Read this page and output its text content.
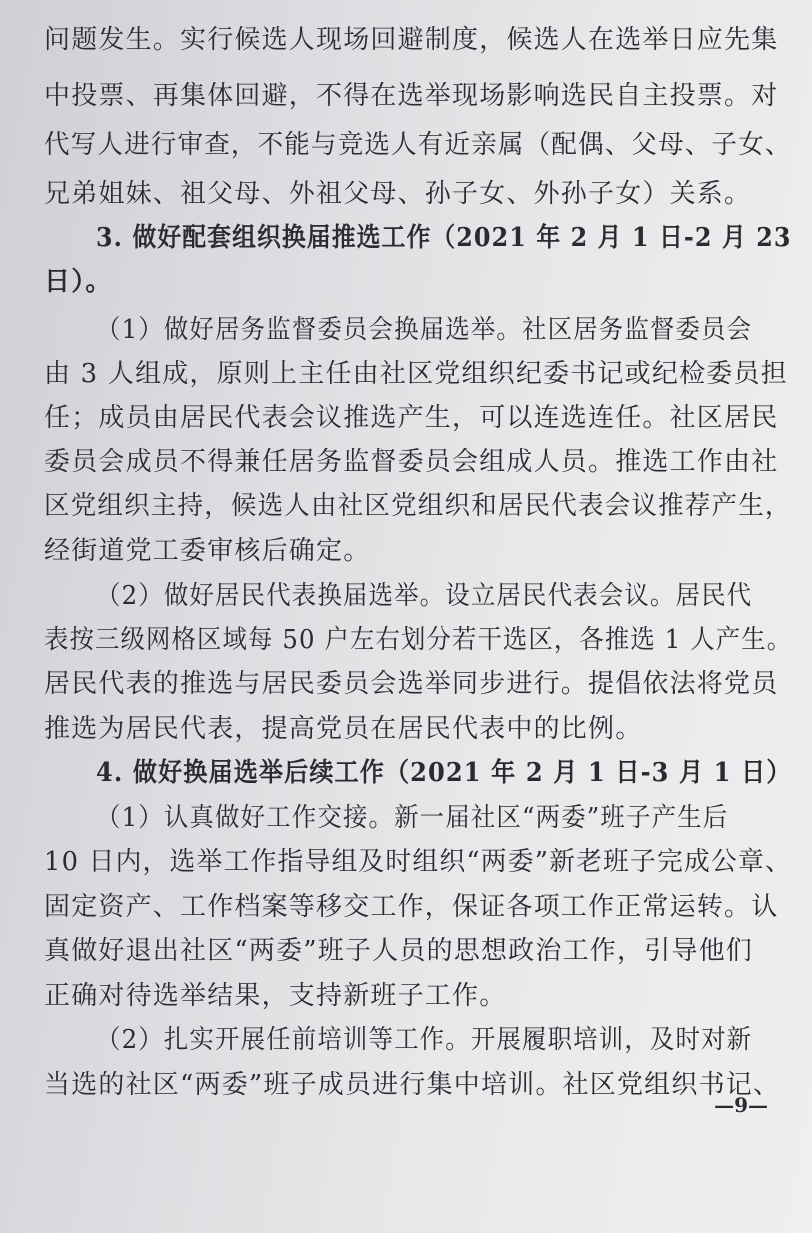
问题发生。实行候选人现场回避制度，候选人在选举日应先集
中投票、再集体回避，不得在选举现场影响选民自主投票。对
代写人进行审查，不能与竞选人有近亲属（配偶、父母、子女、
兄弟姐妹、祖父母、外祖父母、孙子女、外孙子女）关系。
3. 做好配套组织换届推选工作（2021 年 2 月 1 日-2 月 23
日）。
（1）做好居务监督委员会换届选举。社区居务监督委员会
由 3 人组成，原则上主任由社区党组织纪委书记或纪检委员担
任；成员由居民代表会议推选产生，可以连选连任。社区居民
委员会成员不得兼任居务监督委员会组成人员。推选工作由社
区党组织主持，候选人由社区党组织和居民代表会议推荐产生，
经街道党工委审核后确定。
（2）做好居民代表换届选举。设立居民代表会议。居民代
表按三级网格区域每 50 户左右划分若干选区，各推选 1 人产生。
居民代表的推选与居民委员会选举同步进行。提倡依法将党员
推选为居民代表，提高党员在居民代表中的比例。
4. 做好换届选举后续工作（2021 年 2 月 1 日-3 月 1 日）
（1）认真做好工作交接。新一届社区“两委”班子产生后
10 日内，选举工作指导组及时组织“两委”新老班子完成公章、
固定资产、工作档案等移交工作，保证各项工作正常运转。认
真做好退出社区“两委”班子人员的思想政治工作，引导他们
正确对待选举结果，支持新班子工作。
（2）扎实开展任前培训等工作。开展履职培训，及时对新
当选的社区“两委”班子成员进行集中培训。社区党组织书记、
—9—
